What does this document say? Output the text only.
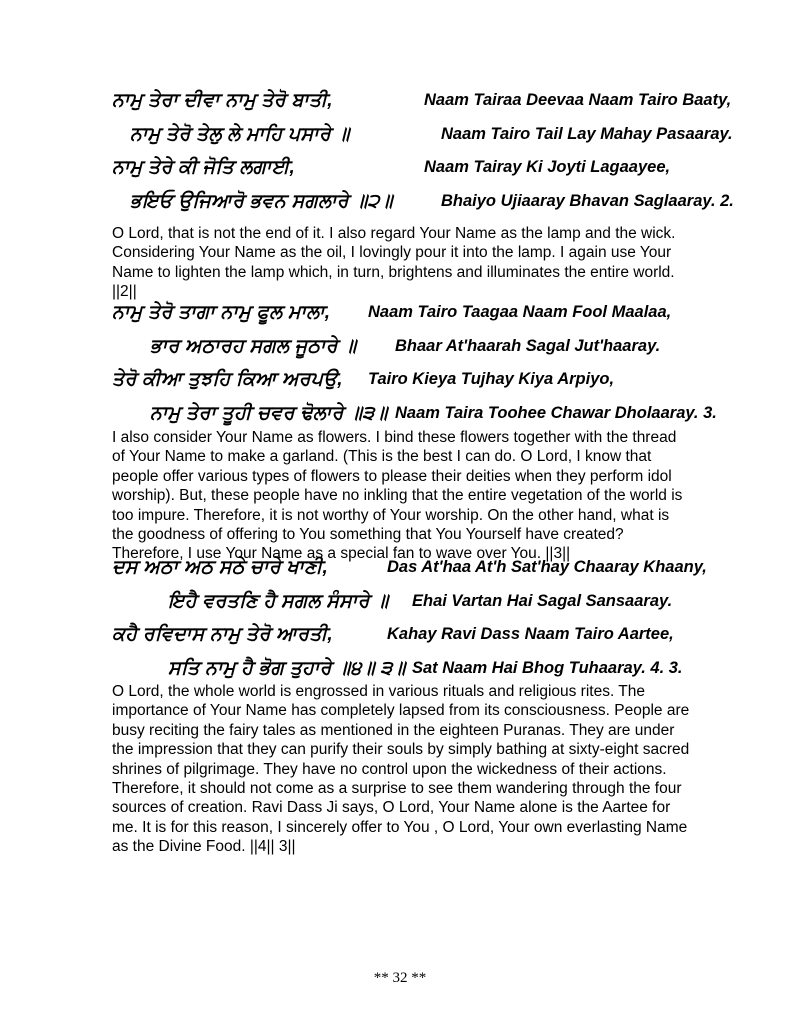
ਨਾਮੁ ਤੇਰਾ ਦੀਵਾ ਨਾਮੁ ਤੇਰੋ ਬਾਤੀ,
ਨਾਮੁ ਤੇਰੋ ਤੇਲੁ ਲੇ ਮਾਹਿ ਪਸਾਰੇ ॥
ਨਾਮੁ ਤੇਰੇ ਕੀ ਜੋਤਿ ਲਗਾਈ,
ਭਇਓ ਉਜਿਆਰੋ ਭਵਨ ਸਗਲਾਰੇ ॥੨॥
Naam Tairaa Deevaa Naam Tairo Baaty,
Naam Tairo Tail Lay Mahay Pasaaray.
Naam Tairay Ki Joyti Lagaayee,
Bhaiyo Ujiaaray Bhavan Saglaaray. 2.

O Lord, that is not the end of it. I also regard Your Name as the lamp and the wick. Considering Your Name as the oil, I lovingly pour it into the lamp. I again use Your Name to lighten the lamp which, in turn, brightens and illuminates the entire world. ||2||

ਨਾਮੁ ਤੇਰੋ ਤਾਗਾ ਨਾਮੁ ਫੂਲ ਮਾਲਾ,
ਭਾਰ ਅਠਾਰਹ ਸਗਲ ਜੂਠਾਰੇ ॥
ਤੇਰੋ ਕੀਆ ਤੁਝਹਿ ਕਿਆ ਅਰਪਉ,
ਨਾਮੁ ਤੇਰਾ ਤੂਹੀ ਚਵਰ ਢੋਲਾਰੇ ॥੩॥
Naam Tairo Taagaa Naam Fool Maalaa,
Bhaar At'haarah Sagal Jut'haaray.
Tairo Kieya Tujhay Kiya Arpiyo,
Naam Taira Toohee Chawar Dholaaray. 3.

I also consider Your Name as flowers. I bind these flowers together with the thread of Your Name to make a garland. (This is the best I can do. O Lord, I know that people offer various types of flowers to please their deities when they perform idol worship). But, these people have no inkling that the entire vegetation of the world is too impure. Therefore, it is not worthy of Your worship. On the other hand, what is the goodness of offering to You something that You Yourself have created? Therefore, I use Your Name as a special fan to wave over You. ||3||

ਦਸ ਅਠਾ ਅਠ ਸਠੇ ਚਾਰੇ ਖਾਣੀ,
ਇਹੈ ਵਰਤਣਿ ਹੈ ਸਗਲ ਸੰਸਾਰੇ ॥
ਕਹੈ ਰਵਿਦਾਸ ਨਾਮੁ ਤੇਰੋ ਆਰਤੀ,
ਸਤਿ ਨਾਮੁ ਹੈ ਭੋਗ ਤੁਹਾਰੇ ॥੪॥ ੩॥
Das At'haa At'h Sat'hay Chaaray Khaany,
Ehai Vartan Hai Sagal Sansaaray.
Kahay Ravi Dass Naam Tairo Aartee,
Sat Naam Hai Bhog Tuhaaray. 4. 3.

O Lord, the whole world is engrossed in various rituals and religious rites. The importance of Your Name has completely lapsed from its consciousness. People are busy reciting the fairy tales as mentioned in the eighteen Puranas. They are under the impression that they can purify their souls by simply bathing at sixty-eight sacred shrines of pilgrimage. They have no control upon the wickedness of their actions. Therefore, it should not come as a surprise to see them wandering through the four sources of creation. Ravi Dass Ji says, O Lord, Your Name alone is the Aartee for me. It is for this reason, I sincerely offer to You , O Lord, Your own everlasting Name as the Divine Food. ||4|| 3||

** 32 **
